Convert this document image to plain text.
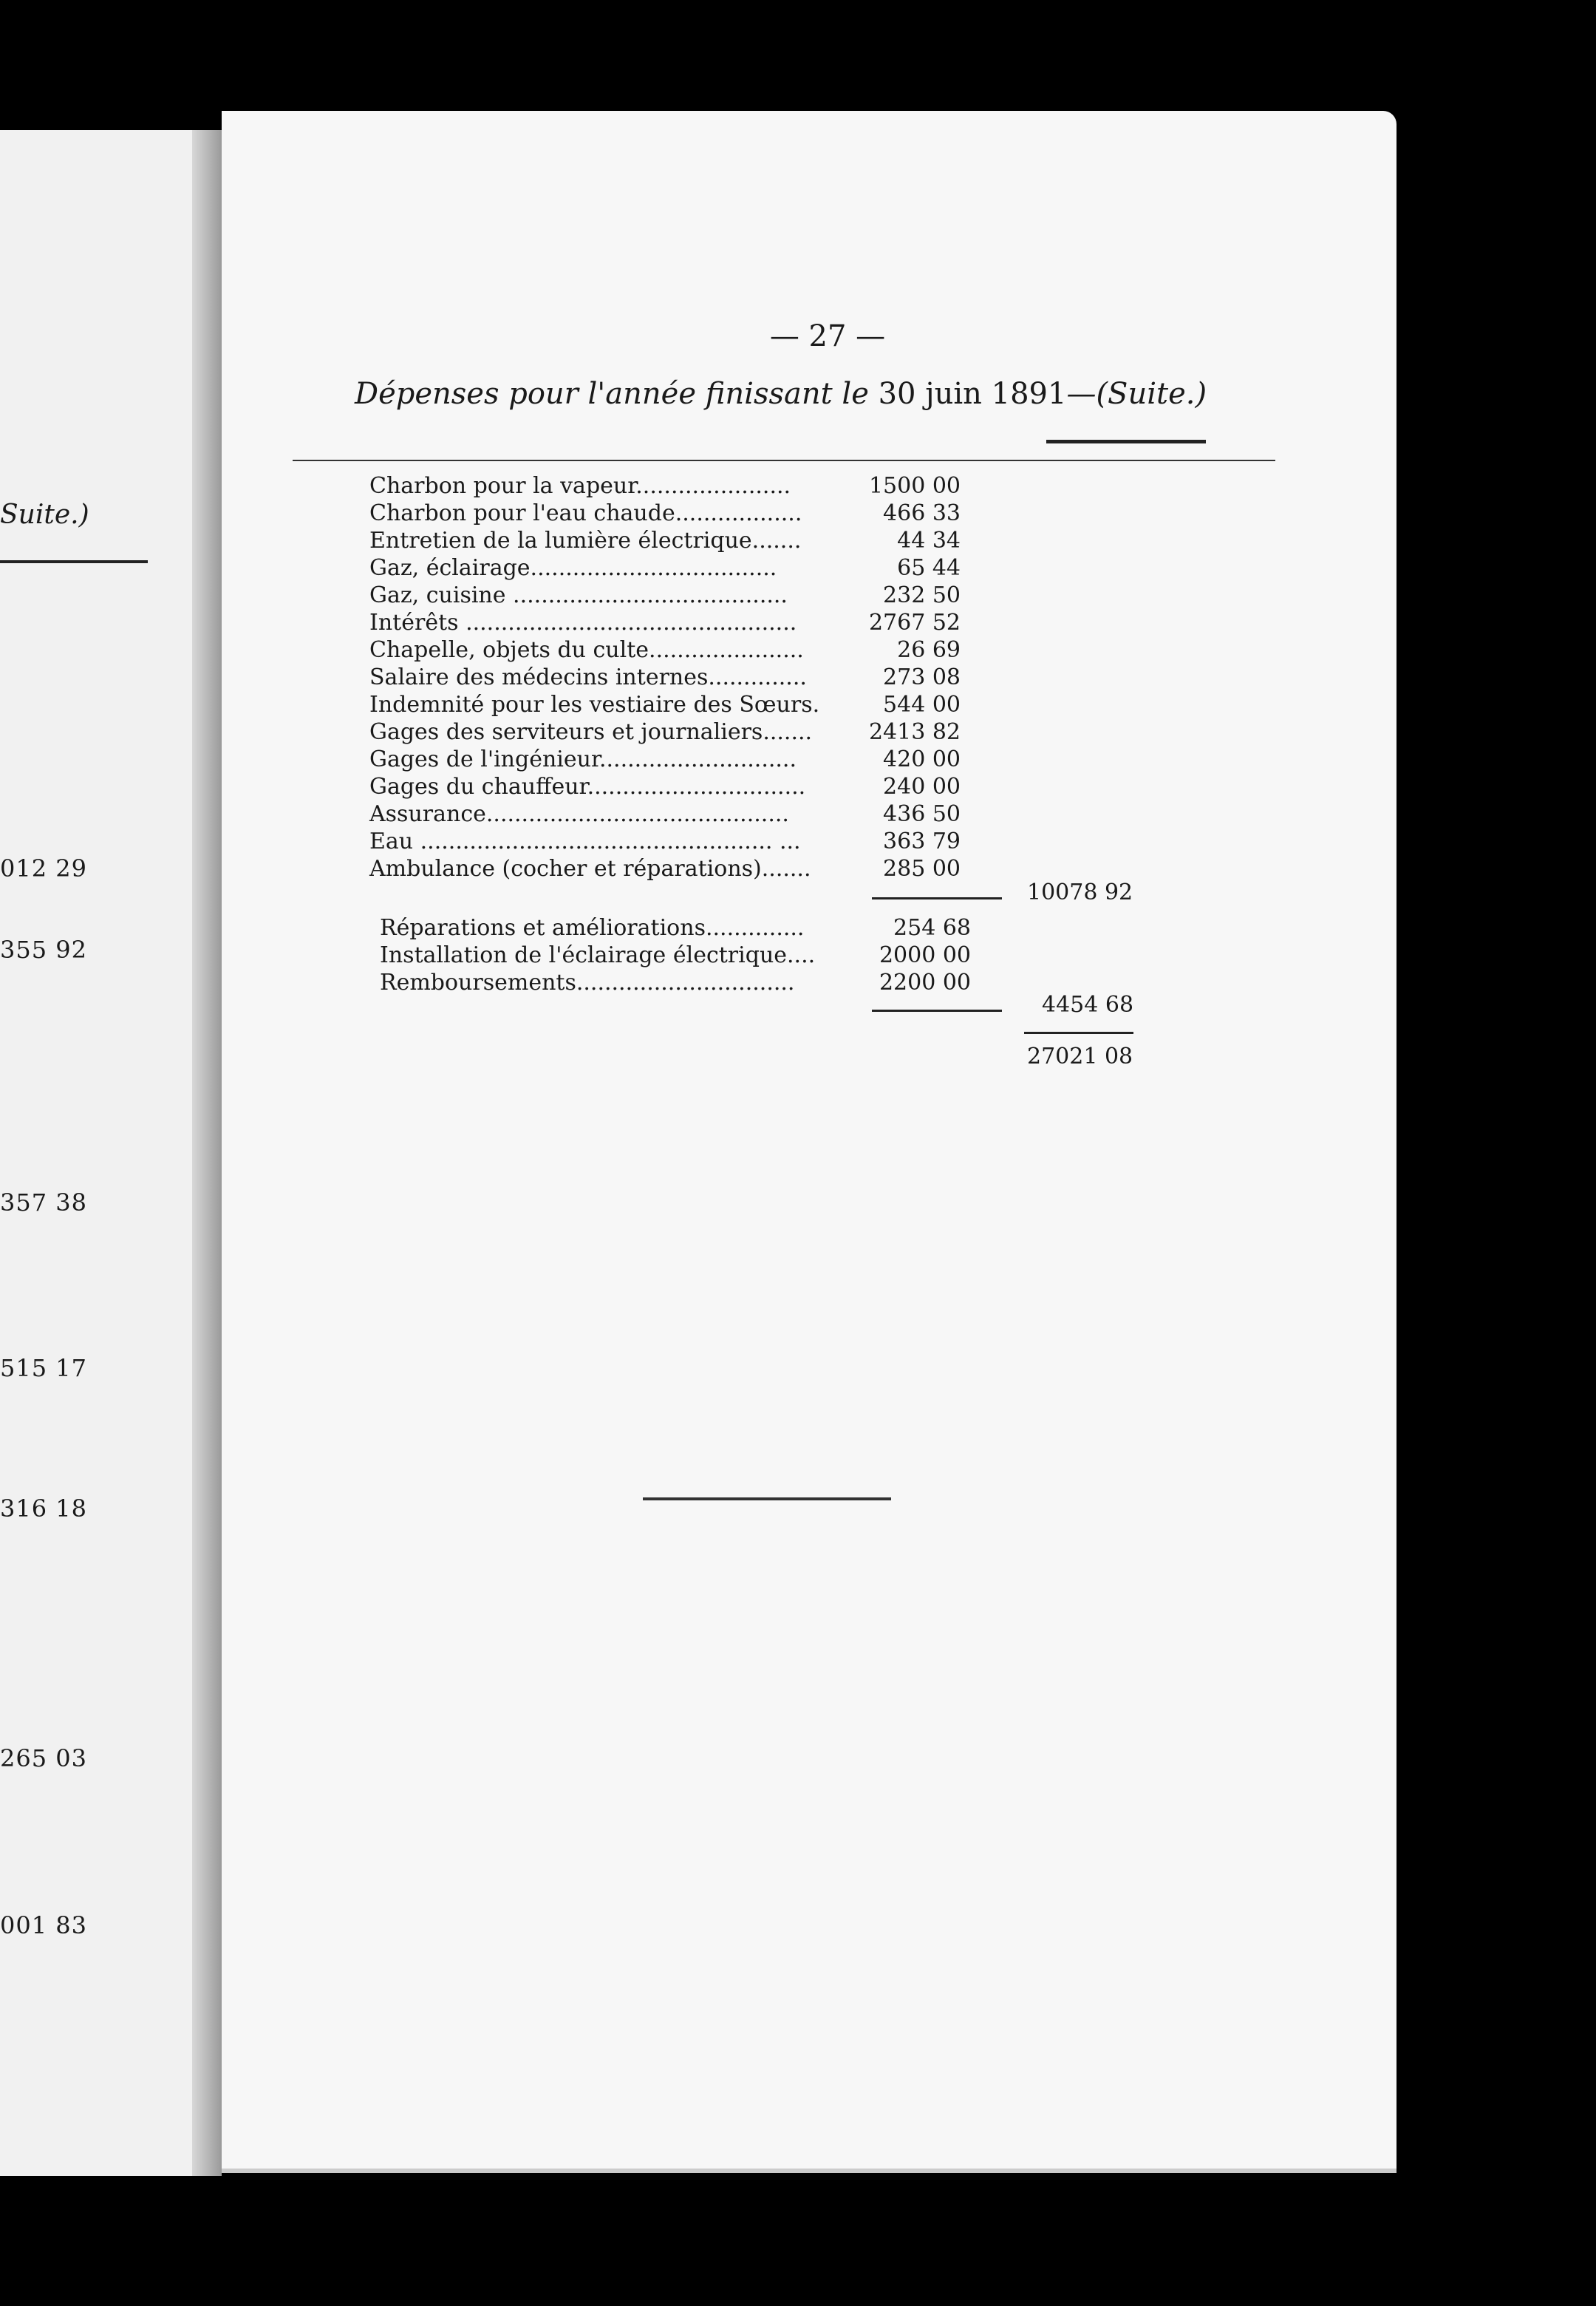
Suite.)
012 29
355 92
357 38
515 17
316 18
265 03
001 83
— 27 —
Dépenses pour l'année finissant le 30 juin 1891—(Suite.)
Charbon pour la vapeur......................	1500 00
Charbon pour l'eau chaude..................	466 33
Entretien de la lumière électrique.......	44 34
Gaz, éclairage...................................	65 44
Gaz, cuisine .......................................	232 50
Intérêts ...............................................	2767 52
Chapelle, objets du culte......................	26 69
Salaire des médecins internes..............	273 08
Indemnité pour les vestiaire des Sœurs.	544 00
Gages des serviteurs et journaliers.......	2413 82
Gages de l'ingénieur............................	420 00
Gages du chauffeur...............................	240 00
Assurance...........................................	436 50
Eau .................................................. ...	363 79
Ambulance (cocher et réparations).......	285 00
10078 92
Réparations et améliorations..............	254 68
Installation de l'éclairage électrique....	2000 00
Remboursements...............................	2200 00
4454 68
27021 08
